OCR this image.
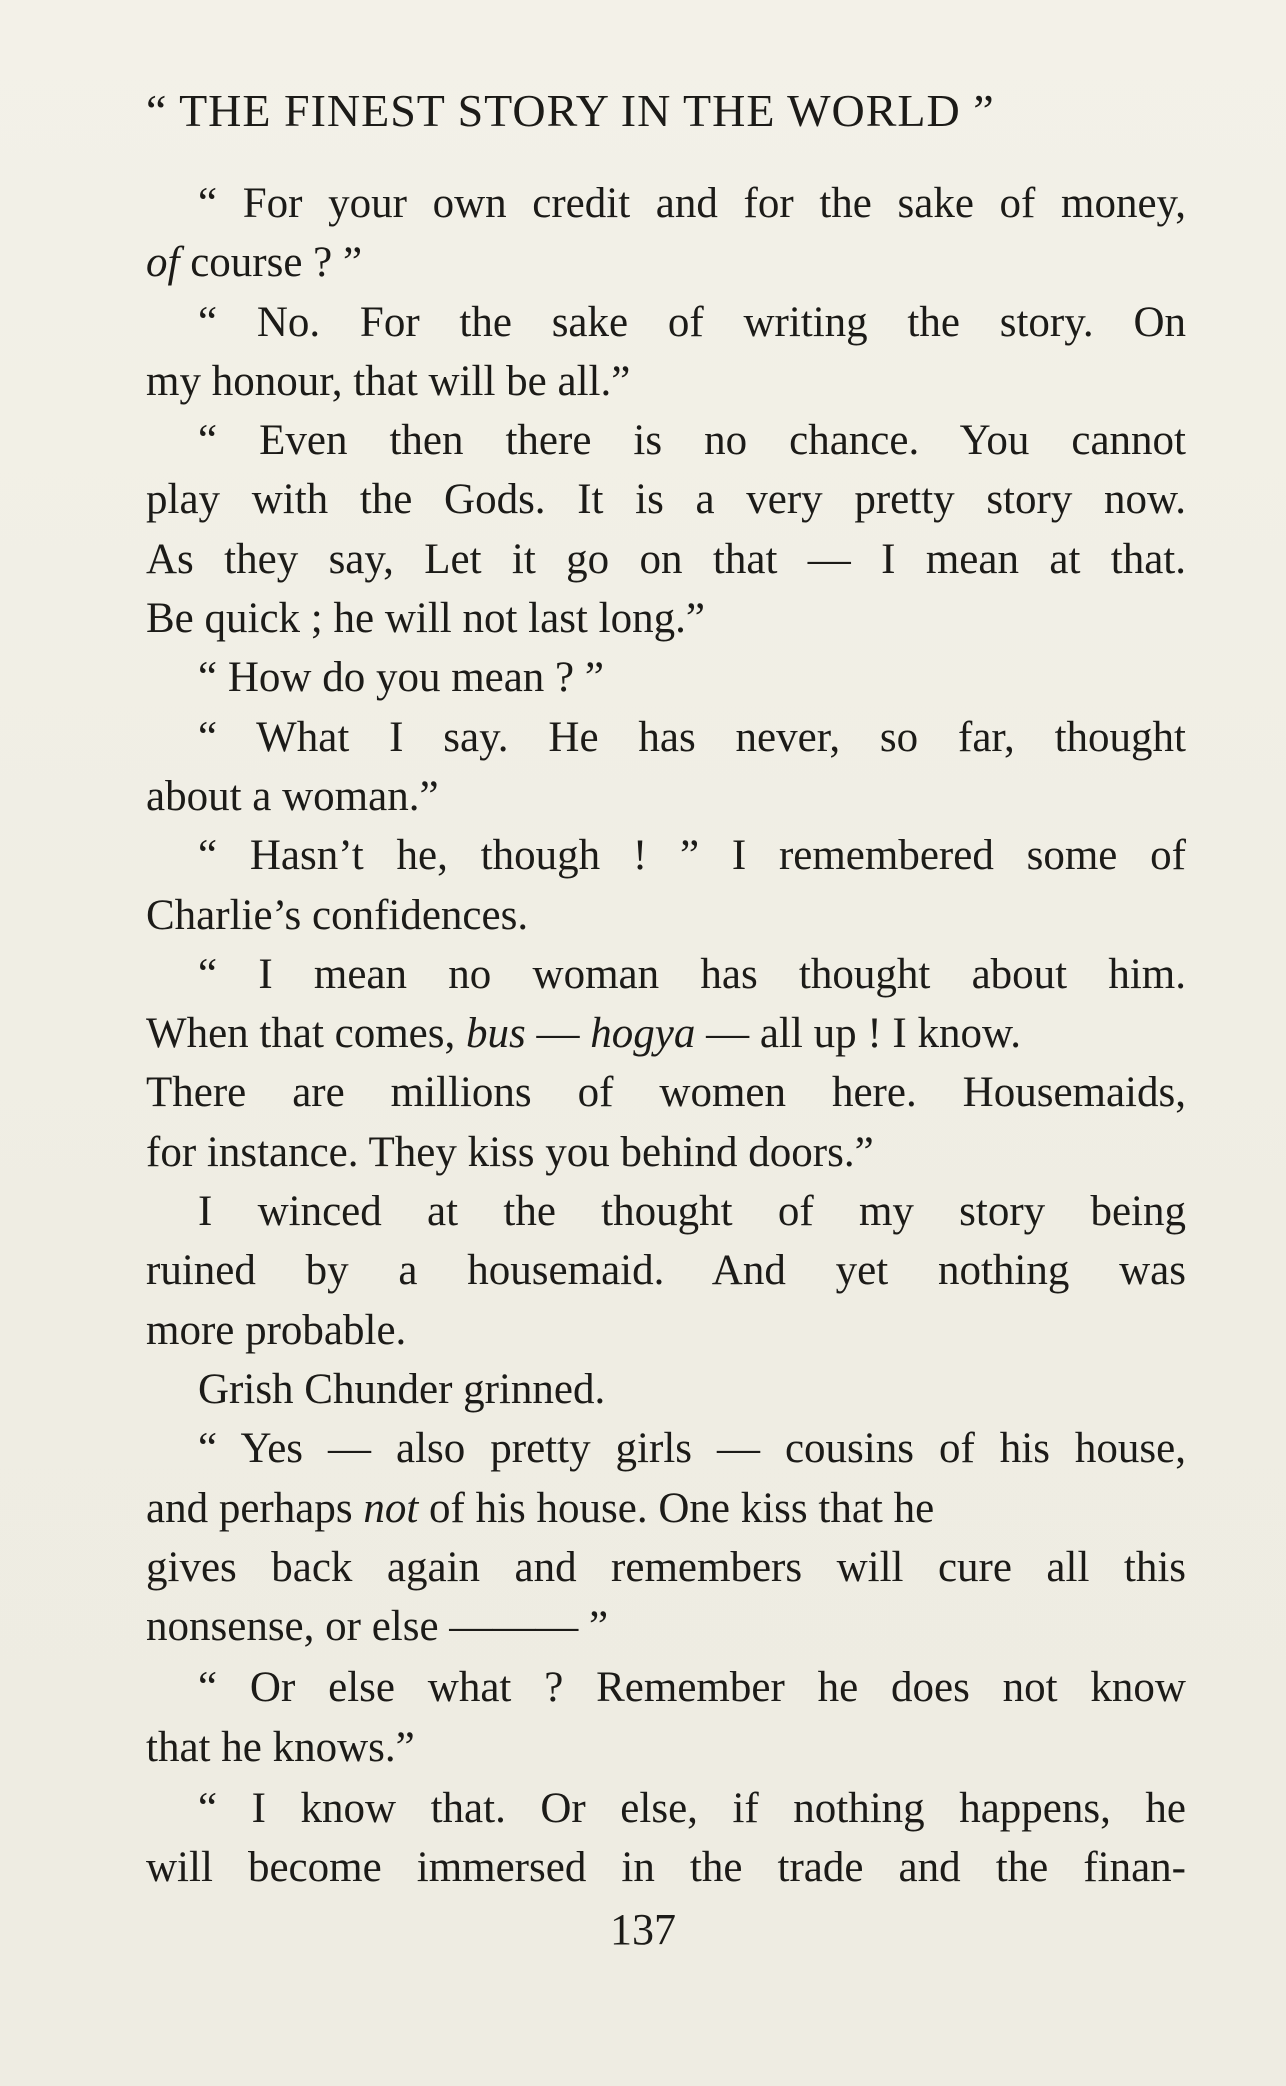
“ THE FINEST STORY IN THE WORLD ”
“ For your own credit and for the sake of money,
of course ? ”
“ No. For the sake of writing the story. On
my honour, that will be all.”
“ Even then there is no chance. You cannot
play with the Gods. It is a very pretty story now.
As they say, Let it go on that — I mean at that.
Be quick ; he will not last long.”
“ How do you mean ? ”
“ What I say. He has never, so far, thought
about a woman.”
“ Hasn’t he, though ! ” I remembered some of
Charlie’s confidences.
“ I mean no woman has thought about him.
When that comes, bus — hogya — all up ! I know.
There are millions of women here. Housemaids,
for instance. They kiss you behind doors.”
I winced at the thought of my story being
ruined by a housemaid. And yet nothing was
more probable.
Grish Chunder grinned.
“ Yes — also pretty girls — cousins of his house,
and perhaps not of his house. One kiss that he
gives back again and remembers will cure all this
nonsense, or else ——— ”
“ Or else what ? Remember he does not know
that he knows.”
“ I know that. Or else, if nothing happens, he
will become immersed in the trade and the finan-
137
